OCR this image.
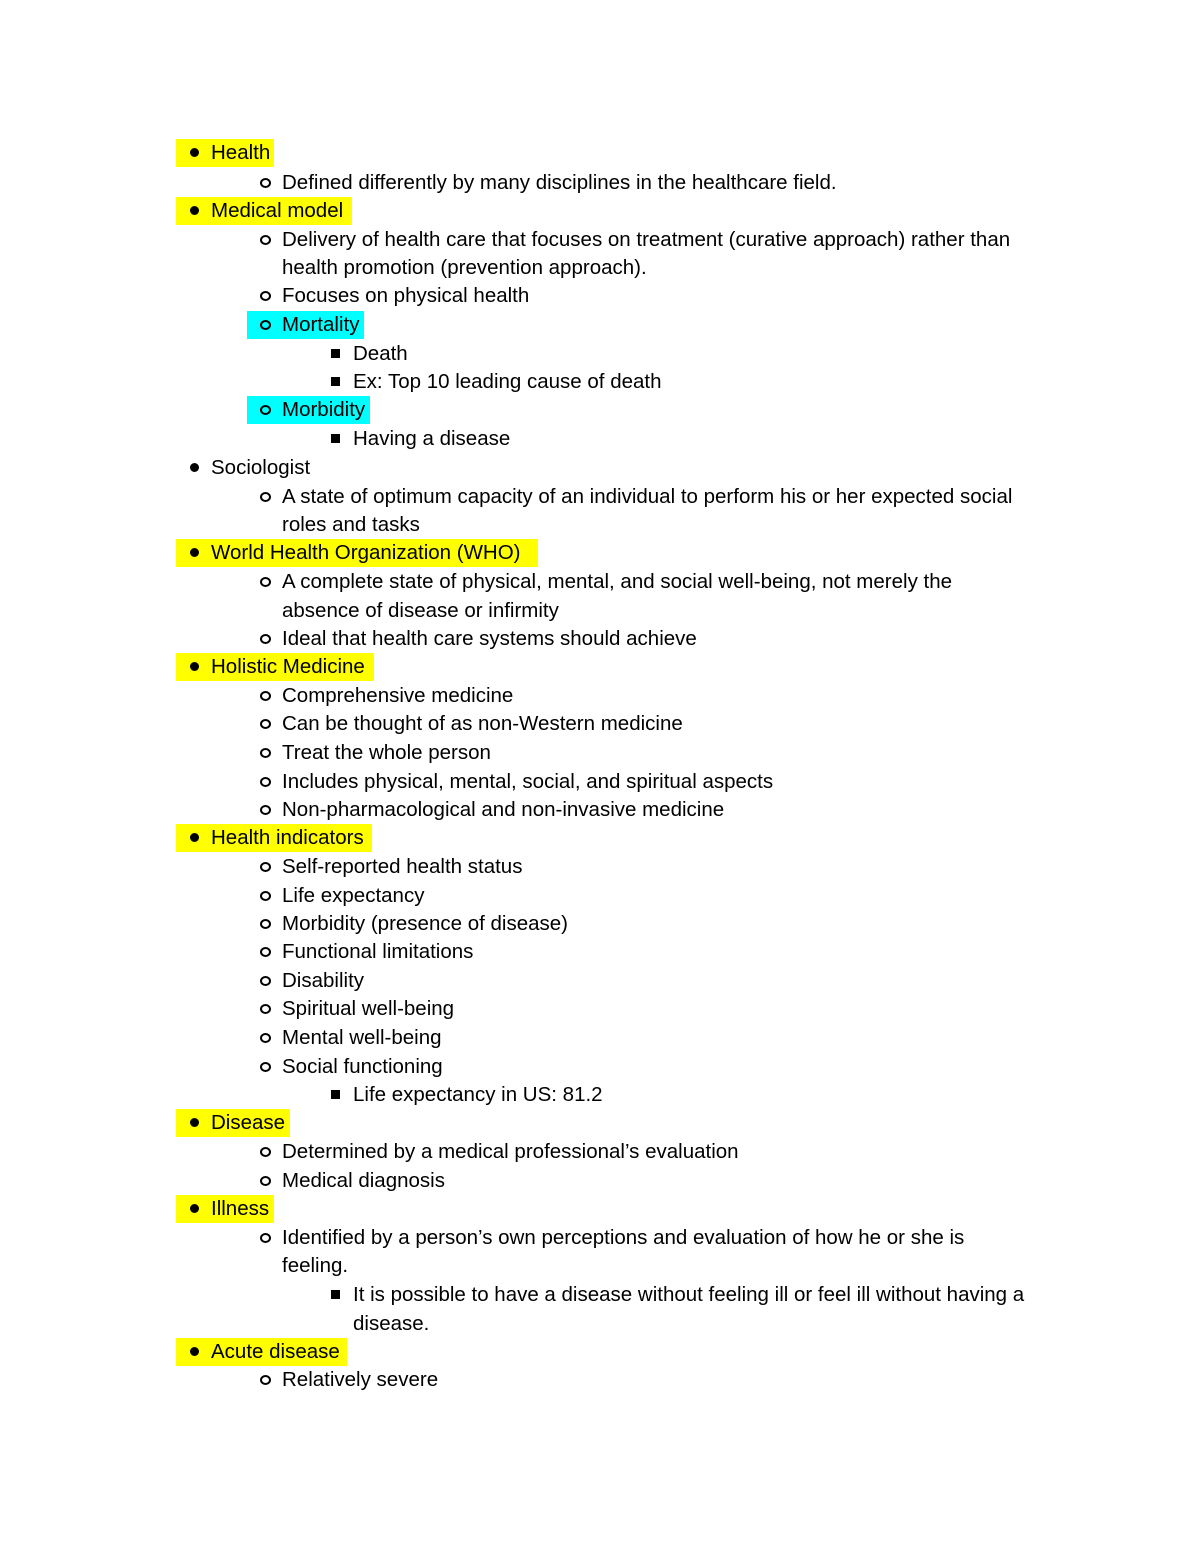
Health
Defined differently by many disciplines in the healthcare field.
Medical model
Delivery of health care that focuses on treatment (curative approach) rather than
health promotion (prevention approach).
Focuses on physical health
Mortality
Death
Ex: Top 10 leading cause of death
Morbidity
Having a disease
Sociologist
A state of optimum capacity of an individual to perform his or her expected social
roles and tasks
World Health Organization (WHO)
A complete state of physical, mental, and social well-being, not merely the
absence of disease or infirmity
Ideal that health care systems should achieve
Holistic Medicine
Comprehensive medicine
Can be thought of as non-Western medicine
Treat the whole person
Includes physical, mental, social, and spiritual aspects
Non-pharmacological and non-invasive medicine
Health indicators
Self-reported health status
Life expectancy
Morbidity (presence of disease)
Functional limitations
Disability
Spiritual well-being
Mental well-being
Social functioning
Life expectancy in US: 81.2
Disease
Determined by a medical professional’s evaluation
Medical diagnosis
Illness
Identified by a person’s own perceptions and evaluation of how he or she is
feeling.
It is possible to have a disease without feeling ill or feel ill without having a
disease.
Acute disease
Relatively severe
